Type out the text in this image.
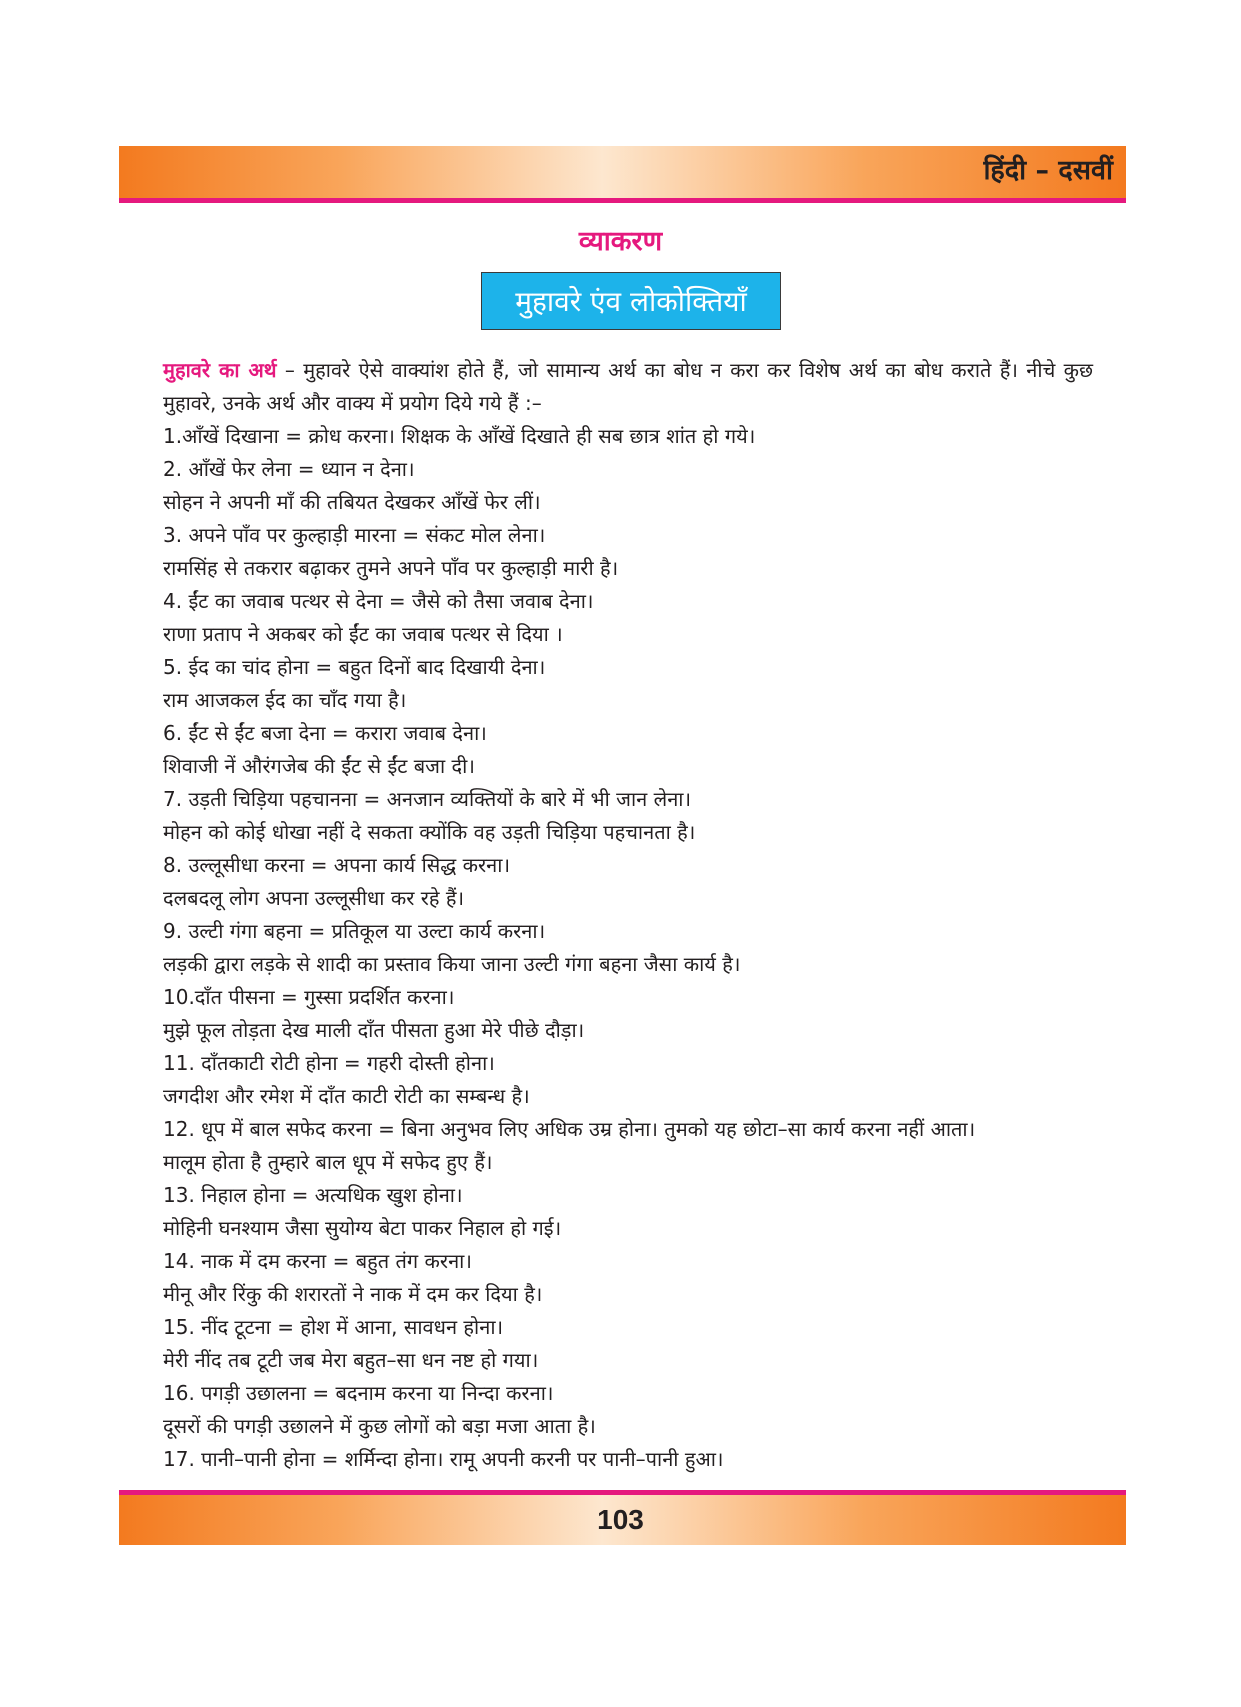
हिंदी – दसवीं
व्याकरण
मुहावरे एंव लोकोक्तियाँ
मुहावरे का अर्थ – मुहावरे ऐसे वाक्यांश होते हैं, जो सामान्य अर्थ का बोध न करा कर विशेष अर्थ का बोध कराते हैं। नीचे कुछ मुहावरे, उनके अर्थ और वाक्य में प्रयोग दिये गये हैं :–
1.आँखें दिखाना = क्रोध करना। शिक्षक के आँखें दिखाते ही सब छात्र शांत हो गये।
2. आँखें फेर लेना = ध्यान न देना।
सोहन ने अपनी माँ की तबियत देखकर आँखें फेर लीं।
3. अपने पाँव पर कुल्हाड़ी मारना = संकट मोल लेना।
रामसिंह से तकरार बढ़ाकर तुमने अपने पाँव पर कुल्हाड़ी मारी है।
4. ईंट का जवाब पत्थर से देना = जैसे को तैसा जवाब देना।
राणा प्रताप ने अकबर को ईंट का जवाब पत्थर से दिया ।
5. ईद का चांद होना = बहुत दिनों बाद दिखायी देना।
राम आजकल ईद का चाँद गया है।
6. ईंट से ईंट बजा देना = करारा जवाब देना।
शिवाजी नें औरंगजेब की ईंट से ईंट बजा दी।
7. उड़ती चिड़िया पहचानना = अनजान व्यक्तियों के बारे में भी जान लेना।
मोहन को कोई धोखा नहीं दे सकता क्योंकि वह उड़ती चिड़िया पहचानता है।
8. उल्लूसीधा करना = अपना कार्य सिद्ध करना।
दलबदलू लोग अपना उल्लूसीधा कर रहे हैं।
9. उल्टी गंगा बहना = प्रतिकूल या उल्टा कार्य करना।
लड़की द्वारा लड़के से शादी का प्रस्ताव किया जाना उल्टी गंगा बहना जैसा कार्य है।
10.दाँत पीसना = गुस्सा प्रदर्शित करना।
मुझे फूल तोड़ता देख माली दाँत पीसता हुआ मेरे पीछे दौड़ा।
11. दाँतकाटी रोटी होना = गहरी दोस्ती होना।
जगदीश और रमेश में दाँत काटी रोटी का सम्बन्ध है।
12. धूप में बाल सफेद करना = बिना अनुभव लिए अधिक उम्र होना। तुमको यह छोटा–सा कार्य करना नहीं आता।
मालूम होता है तुम्हारे बाल धूप में सफेद हुए हैं।
13. निहाल होना = अत्यधिक खुश होना।
मोहिनी घनश्याम जैसा सुयोग्य बेटा पाकर निहाल हो गई।
14. नाक में दम करना = बहुत तंग करना।
मीनू और रिंकु की शरारतों ने नाक में दम कर दिया है।
15. नींद टूटना = होश में आना, सावधन होना।
मेरी नींद तब टूटी जब मेरा बहुत–सा धन नष्ट हो गया।
16. पगड़ी उछालना = बदनाम करना या निन्दा करना।
दूसरों की पगड़ी उछालने में कुछ लोगों को बड़ा मजा आता है।
17. पानी–पानी होना = शर्मिन्दा होना। रामू अपनी करनी पर पानी–पानी हुआ।
103
